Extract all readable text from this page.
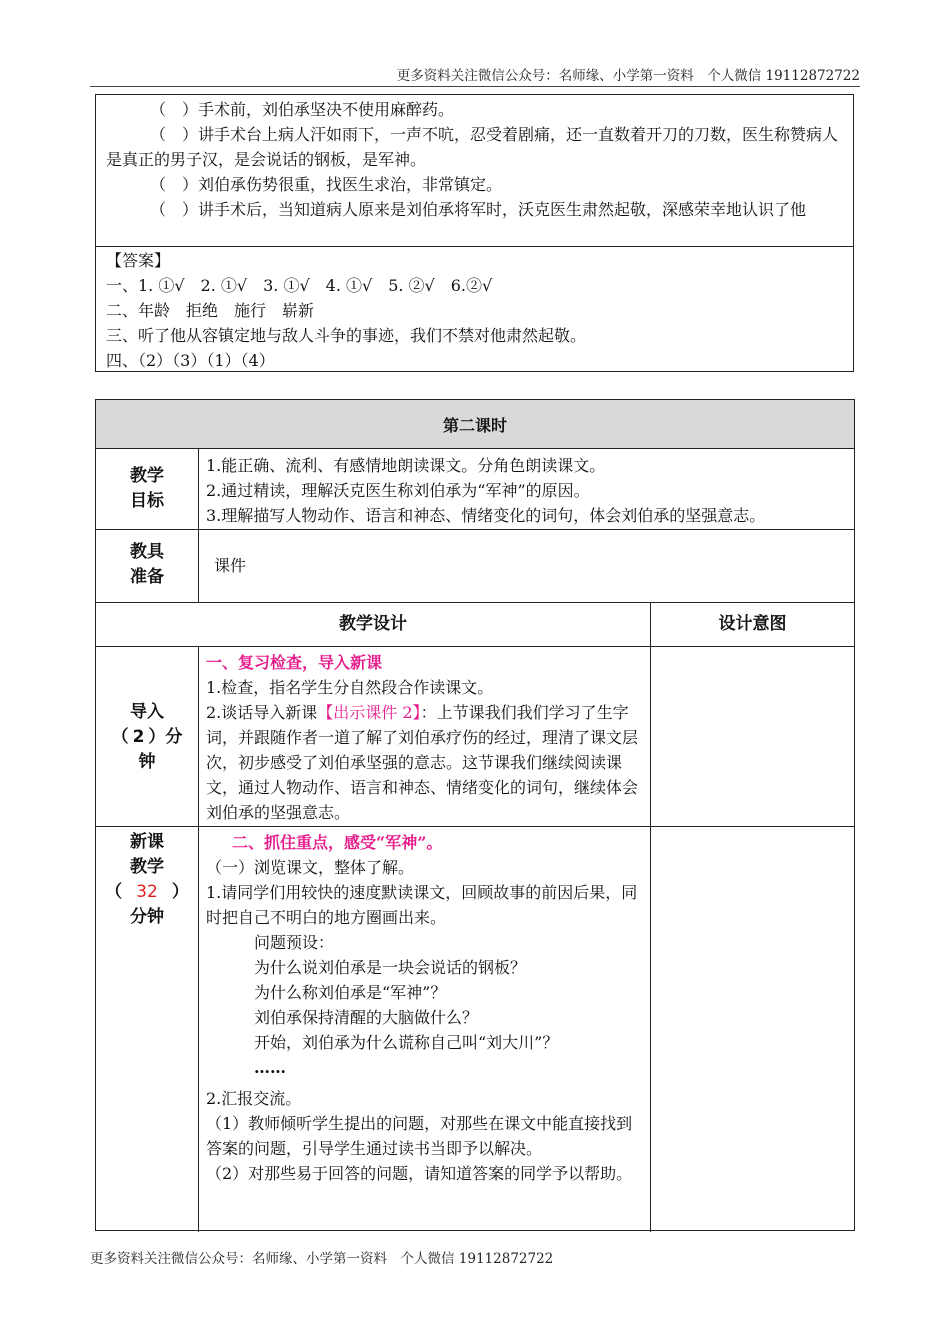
更多资料关注微信公众号：名师缘、小学第一资料　个人微信 19112872722
（　）手术前，刘伯承坚决不使用麻醉药。
（　）讲手术台上病人汗如雨下，一声不吭，忍受着剧痛，还一直数着开刀的刀数，医生称赞病人是真正的男子汉，是会说话的钢板，是军神。
（　）刘伯承伤势很重，找医生求治，非常镇定。
（　）讲手术后，当知道病人原来是刘伯承将军时，沃克医生肃然起敬，深感荣幸地认识了他
【答案】
一、1. ①√　2. ①√　3. ①√　4. ①√　5. ②√　6.②√
二、年龄　拒绝　施行　崭新
三、听了他从容镇定地与敌人斗争的事迹，我们不禁对他肃然起敬。
四、（2）（3）（1）（4）
第二课时
教学
目标
1.能正确、流利、有感情地朗读课文。分角色朗读课文。
2.通过精读，理解沃克医生称刘伯承为“军神”的原因。
3.理解描写人物动作、语言和神态、情绪变化的词句，体会刘伯承的坚强意志。
教具
准备
课件
教学设计	设计意图
导入
（ 2 ）分
钟
一、复习检查，导入新课
1.检查，指名学生分自然段合作读课文。
2.谈话导入新课【出示课件 2】：上节课我们我们学习了生字词，并跟随作者一道了解了刘伯承疗伤的经过，理清了课文层次，初步感受了刘伯承坚强的意志。这节课我们继续阅读课文，通过人物动作、语言和神态、情绪变化的词句，继续体会刘伯承的坚强意志。
新课
教学
（ 32 ）
分钟
二、抓住重点，感受“军神”。
（一）浏览课文，整体了解。
1.请同学们用较快的速度默读课文，回顾故事的前因后果，同时把自己不明白的地方圈画出来。
问题预设：
为什么说刘伯承是一块会说话的钢板？
为什么称刘伯承是“军神”？
刘伯承保持清醒的大脑做什么？
开始，刘伯承为什么谎称自己叫“刘大川”？
……
2.汇报交流。
（1）教师倾听学生提出的问题，对那些在课文中能直接找到答案的问题，引导学生通过读书当即予以解决。
（2）对那些易于回答的问题，请知道答案的同学予以帮助。
更多资料关注微信公众号：名师缘、小学第一资料　个人微信 19112872722
